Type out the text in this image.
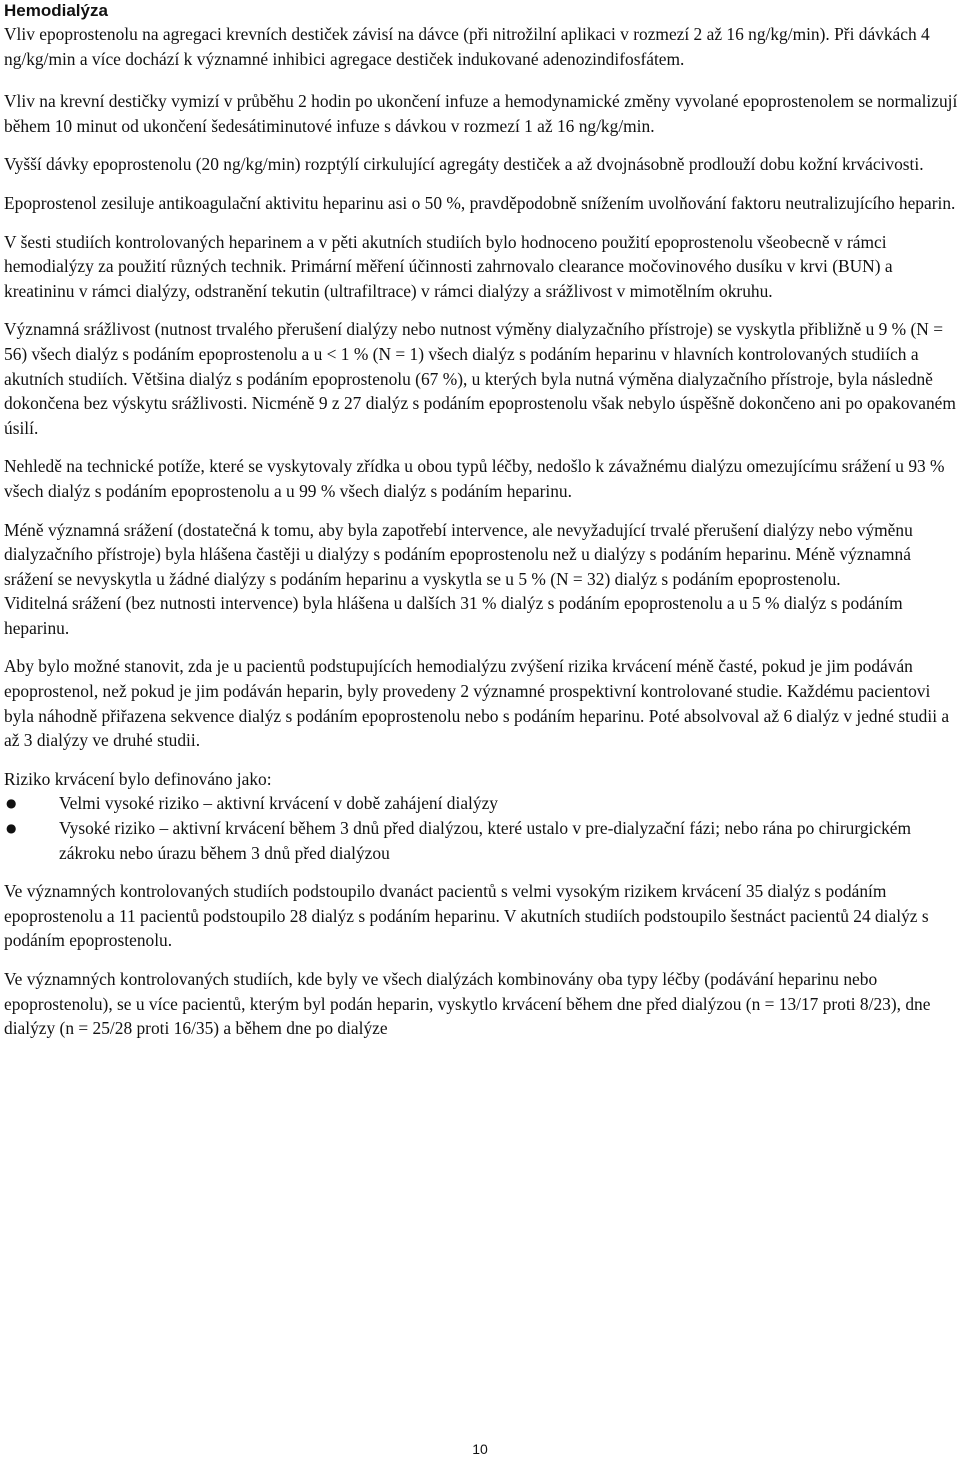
Hemodialýza

Vliv epoprostenolu na agregaci krevních destiček závisí na dávce (při nitrožilní aplikaci v rozmezí 2 až 16 ng/kg/min). Při dávkách 4 ng/kg/min a více dochází k významné inhibici agregace destiček indukované adenozindifosfátem.

Vliv na krevní destičky vymizí v průběhu 2 hodin po ukončení infuze a hemodynamické změny vyvolané epoprostenolem se normalizují během 10 minut od ukončení šedesátiminutové infuze s dávkou v rozmezí 1 až 16 ng/kg/min.

Vyšší dávky epoprostenolu (20 ng/kg/min) rozptýlí cirkulující agregáty destiček a až dvojnásobně prodlouží dobu kožní krvácivosti.

Epoprostenol zesiluje antikoagulační aktivitu heparinu asi o 50 %, pravděpodobně snížením uvolňování faktoru neutralizujícího heparin.

V šesti studiích kontrolovaných heparinem a v pěti akutních studiích bylo hodnoceno použití epoprostenolu všeobecně v rámci hemodialýzy za použití různých technik. Primární měření účinnosti zahrnovalo clearance močovinového dusíku v krvi (BUN) a kreatininu v rámci dialýzy, odstranění tekutin (ultrafiltrace) v rámci dialýzy a srážlivost v mimotělním okruhu.

Významná srážlivost (nutnost trvalého přerušení dialýzy nebo nutnost výměny dialyzačního přístroje) se vyskytla přibližně u 9 % (N = 56) všech dialýz s podáním epoprostenolu a u < 1 % (N = 1) všech dialýz s podáním heparinu v hlavních kontrolovaných studiích a akutních studiích. Většina dialýz s podáním epoprostenolu (67 %), u kterých byla nutná výměna dialyzačního přístroje, byla následně dokončena bez výskytu srážlivosti. Nicméně 9 z 27 dialýz s podáním epoprostenolu však nebylo úspěšně dokončeno ani po opakovaném úsilí.

Nehledě na technické potíže, které se vyskytovaly zřídka u obou typů léčby, nedošlo k závažnému dialýzu omezujícímu srážení u 93 % všech dialýz s podáním epoprostenolu a u 99 % všech dialýz s podáním heparinu.

Méně významná srážení (dostatečná k tomu, aby byla zapotřebí intervence, ale nevyžadující trvalé přerušení dialýzy nebo výměnu dialyzačního přístroje) byla hlášena častěji u dialýzy s podáním epoprostenolu než u dialýzy s podáním heparinu. Méně významná srážení se nevyskytla u žádné dialýzy s podáním heparinu a vyskytla se u 5 % (N = 32) dialýz s podáním epoprostenolu.

Viditelná srážení (bez nutnosti intervence) byla hlášena u dalších 31 % dialýz s podáním epoprostenolu a u 5 % dialýz s podáním heparinu.

Aby bylo možné stanovit, zda je u pacientů podstupujících hemodialýzu zvýšení rizika krvácení méně časté, pokud je jim podáván epoprostenol, než pokud je jim podáván heparin, byly provedeny 2 významné prospektivní kontrolované studie. Každému pacientovi byla náhodně přiřazena sekvence dialýz s podáním epoprostenolu nebo s podáním heparinu. Poté absolvoval až 6 dialýz v jedné studii a až 3 dialýzy ve druhé studii.

Riziko krvácení bylo definováno jako:

● Velmi vysoké riziko – aktivní krvácení v době zahájení dialýzy
● Vysoké riziko – aktivní krvácení během 3 dnů před dialýzou, které ustalo v pre-dialyzační fázi; nebo rána po chirurgickém zákroku nebo úrazu během 3 dnů před dialýzou

Ve významných kontrolovaných studiích podstoupilo dvanáct pacientů s velmi vysokým rizikem krvácení 35 dialýz s podáním epoprostenolu a 11 pacientů podstoupilo 28 dialýz s podáním heparinu. V akutních studiích podstoupilo šestnáct pacientů 24 dialýz s podáním epoprostenolu.

Ve významných kontrolovaných studiích, kde byly ve všech dialýzách kombinovány oba typy léčby (podávání heparinu nebo epoprostenolu), se u více pacientů, kterým byl podán heparin, vyskytlo krvácení během dne před dialýzou (n = 13/17 proti 8/23), dne dialýzy (n = 25/28 proti 16/35) a během dne po dialýze

10
